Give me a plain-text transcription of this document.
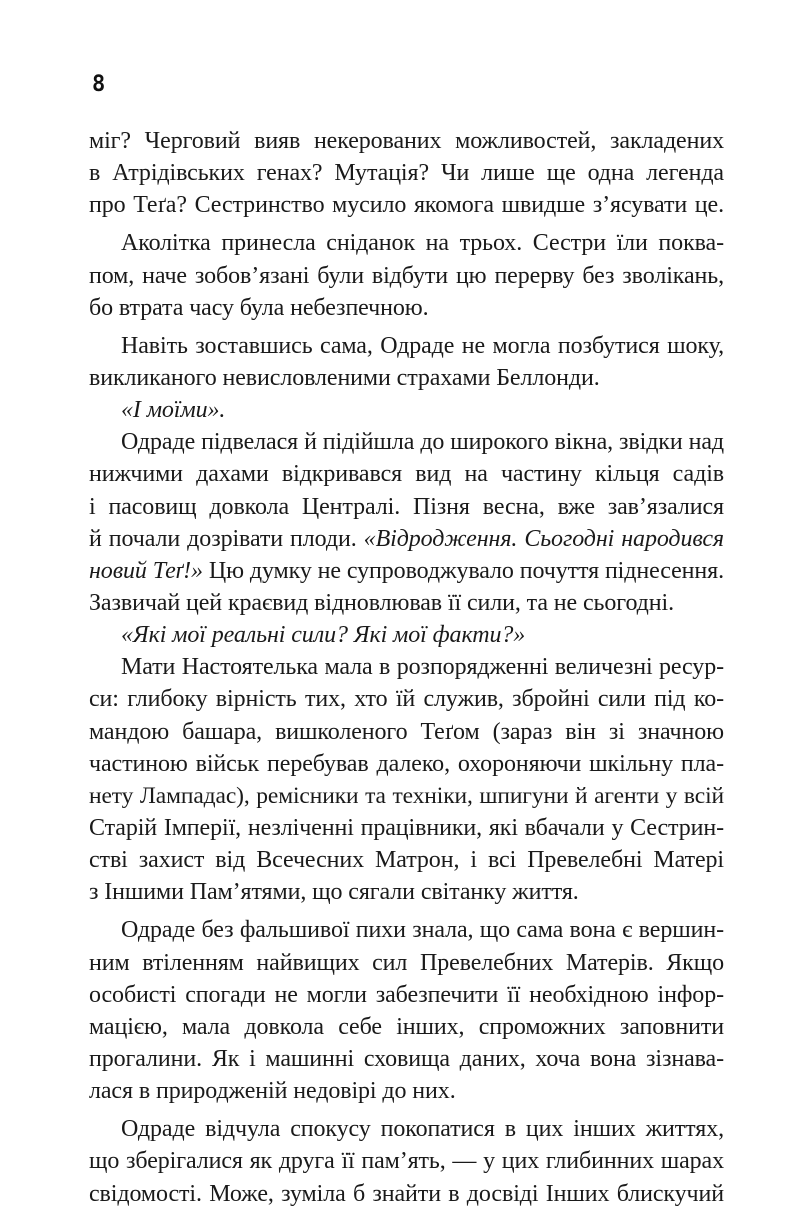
8
міг? Черговий вияв некерованих можливостей, закладених
в Атрідівських генах? Мутація? Чи лише ще одна легенда
про Теґа? Сестринство мусило якомога швидше з’ясувати це.
Аколітка принесла сніданок на трьох. Сестри їли поква-
пом, наче зобов’язані були відбути цю перерву без зволікань,
бо втрата часу була небезпечною.
Навіть зоставшись сама, Одраде не могла позбутися шоку,
викликаного невисловленими страхами Беллонди.
«І моїми».
Одраде підвелася й підійшла до широкого вікна, звідки над
нижчими дахами відкривався вид на частину кільця садів
і пасовищ довкола Централі. Пізня весна, вже зав’язалися
й почали дозрівати плоди. «Відродження. Сьогодні народився
новий Теґ!» Цю думку не супроводжувало почуття піднесення.
Зазвичай цей краєвид відновлював її сили, та не сьогодні.
«Які мої реальні сили? Які мої факти?»
Мати Настоятелька мала в розпорядженні величезні ресур-
си: глибоку вірність тих, хто їй служив, збройні сили під ко-
мандою башара, вишколеного Теґом (зараз він зі значною
частиною військ перебував далеко, охороняючи шкільну пла-
нету Лампадас), ремісники та техніки, шпигуни й агенти у всій
Старій Імперії, незліченні працівники, які вбачали у Сестрин-
стві захист від Всечесних Матрон, і всі Превелебні Матері
з Іншими Пам’ятями, що сягали світанку життя.
Одраде без фальшивої пихи знала, що сама вона є вершин-
ним втіленням найвищих сил Превелебних Матерів. Якщо
особисті спогади не могли забезпечити її необхідною інфор-
мацією, мала довкола себе інших, спроможних заповнити
прогалини. Як і машинні сховища даних, хоча вона зізнава-
лася в природженій недовірі до них.
Одраде відчула спокусу покопатися в цих інших життях,
що зберігалися як друга її пам’ять, — у цих глибинних шарах
свідомості. Може, зуміла б знайти в досвіді Інших блискучий
